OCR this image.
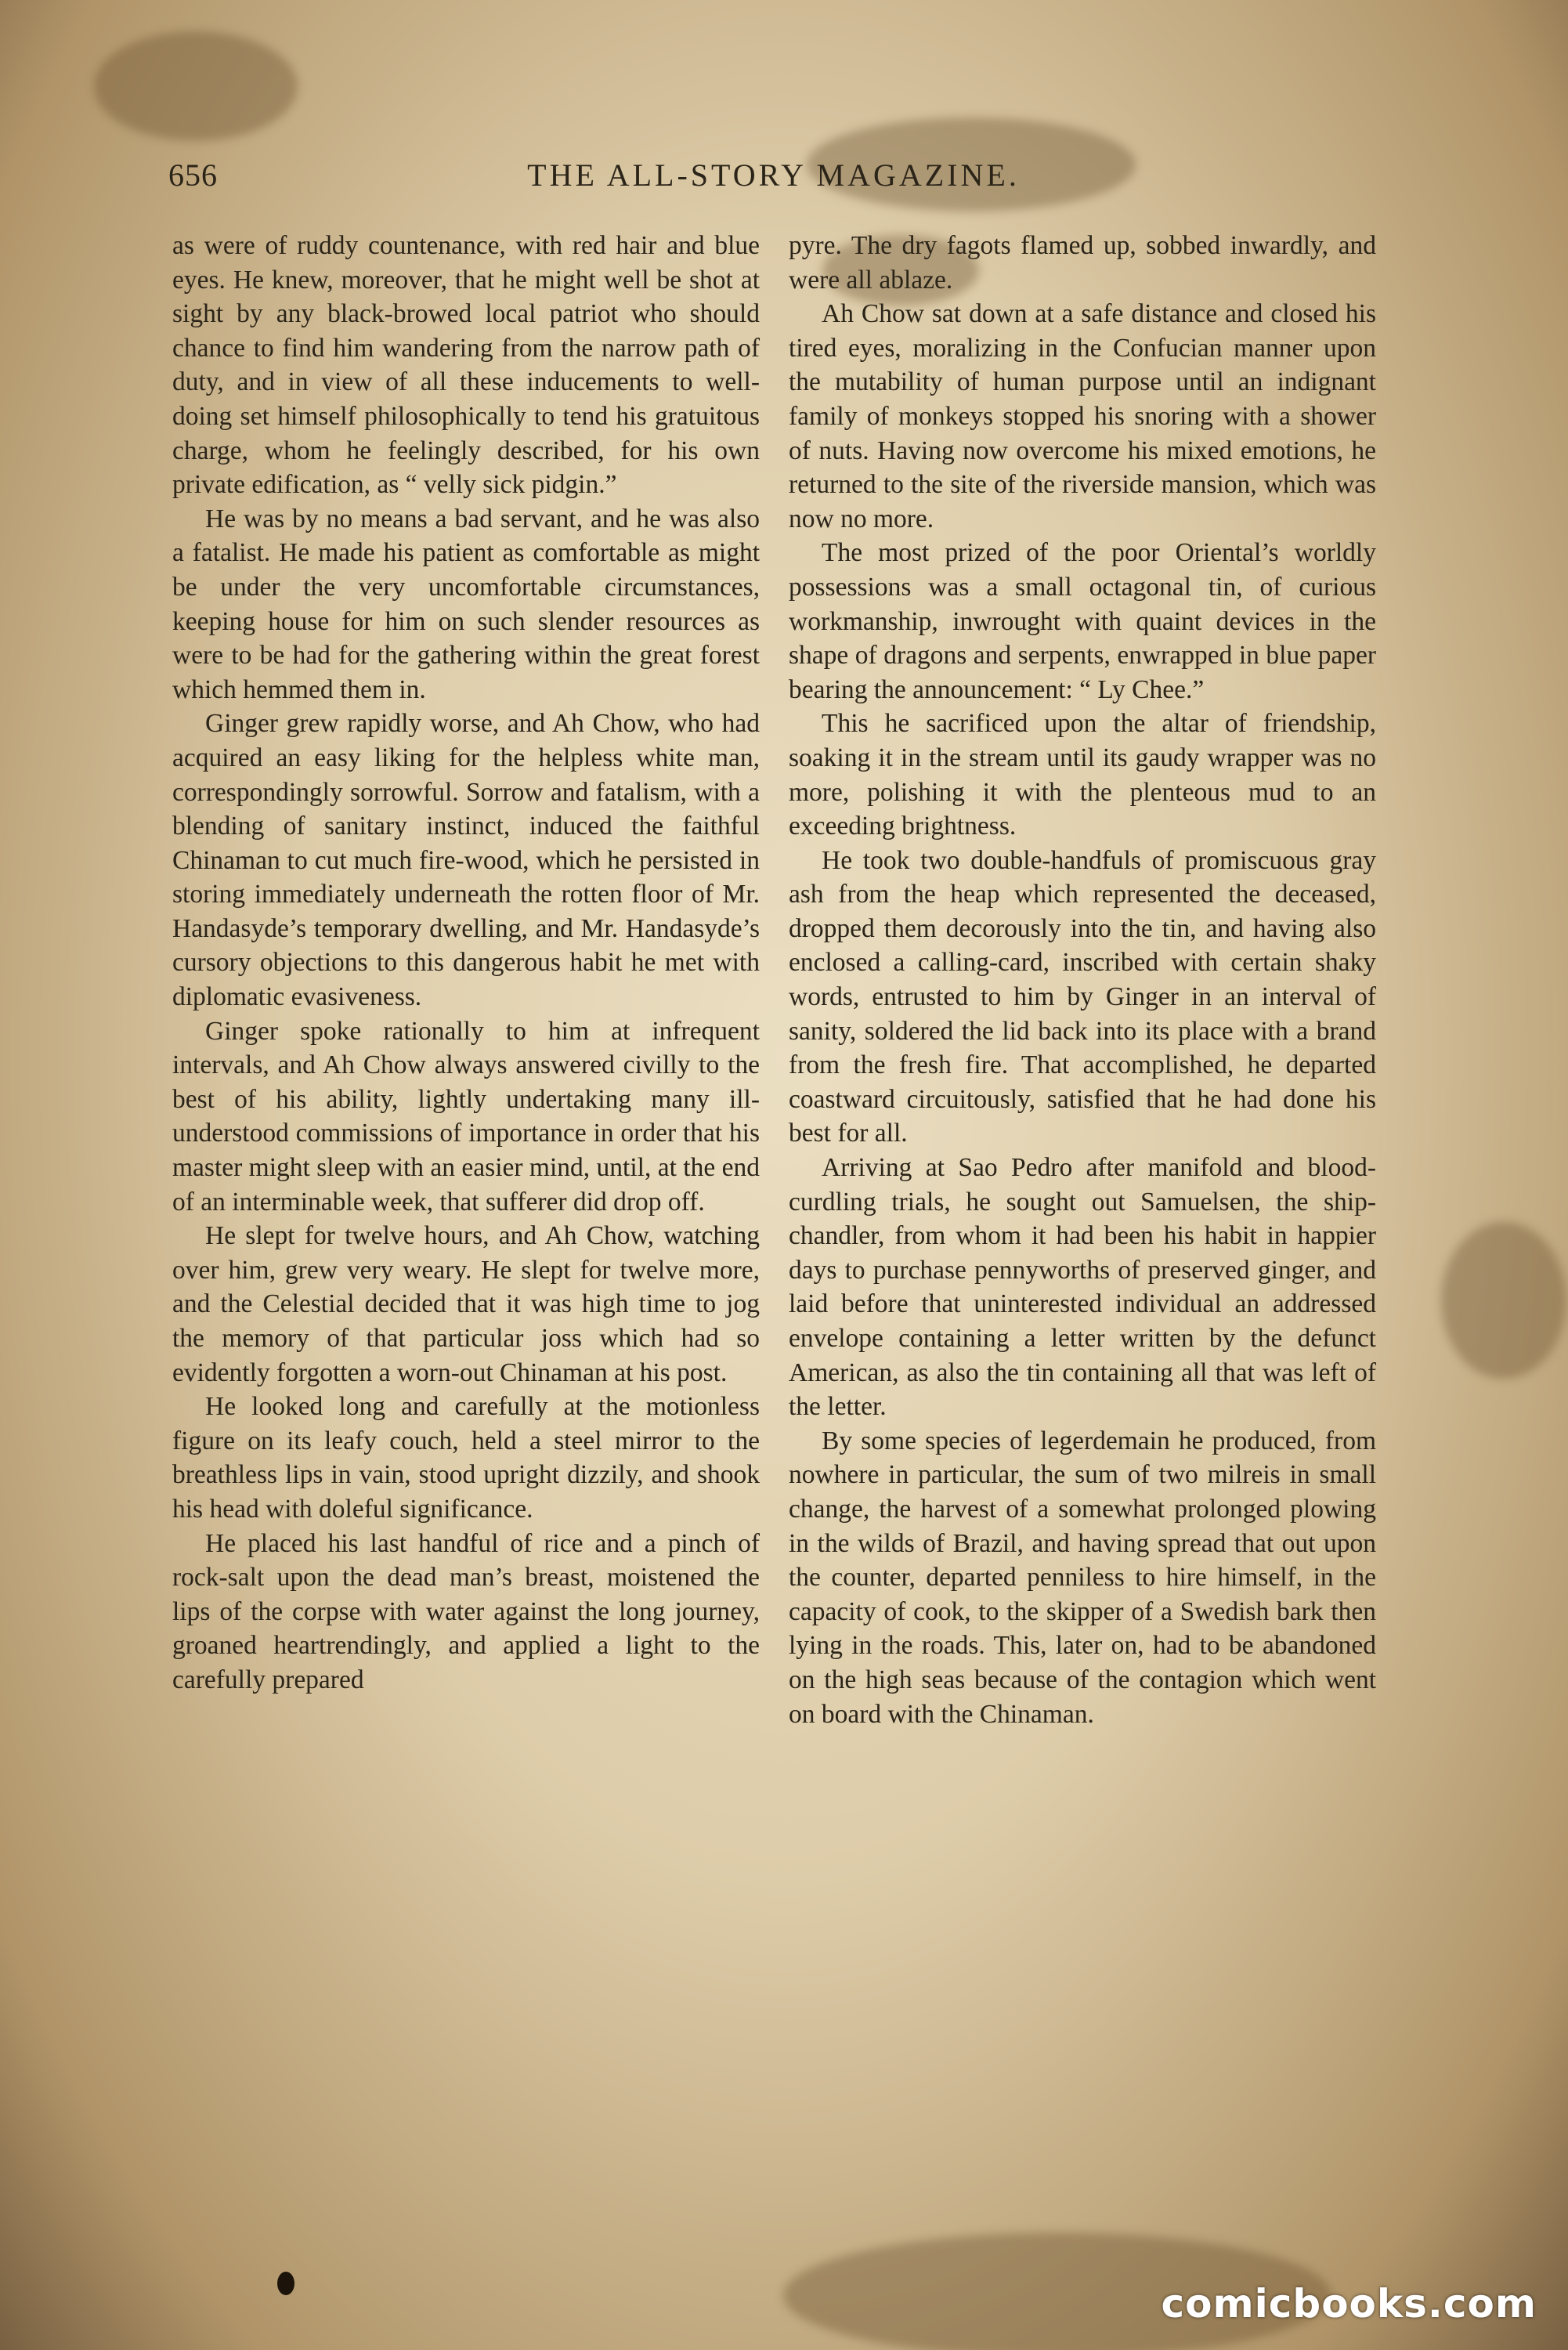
656	THE ALL-STORY MAGAZINE.

as were of ruddy countenance, with red hair and blue eyes. He knew, moreover, that he might well be shot at sight by any black-browed local patriot who should chance to find him wandering from the narrow path of duty, and in view of all these inducements to well-doing set himself philosophically to tend his gratuitous charge, whom he feelingly described, for his own private edification, as “ velly sick pidgin.”

He was by no means a bad servant, and he was also a fatalist. He made his patient as comfortable as might be under the very uncomfortable circumstances, keeping house for him on such slender resources as were to be had for the gathering within the great forest which hemmed them in.

Ginger grew rapidly worse, and Ah Chow, who had acquired an easy liking for the helpless white man, correspondingly sorrowful. Sorrow and fatalism, with a blending of sanitary instinct, induced the faithful Chinaman to cut much fire-wood, which he persisted in storing immediately underneath the rotten floor of Mr. Handasyde’s temporary dwelling, and Mr. Handasyde’s cursory objections to this dangerous habit he met with diplomatic evasiveness.

Ginger spoke rationally to him at infrequent intervals, and Ah Chow always answered civilly to the best of his ability, lightly undertaking many ill-understood commissions of importance in order that his master might sleep with an easier mind, until, at the end of an interminable week, that sufferer did drop off.

He slept for twelve hours, and Ah Chow, watching over him, grew very weary. He slept for twelve more, and the Celestial decided that it was high time to jog the memory of that particular joss which had so evidently forgotten a worn-out Chinaman at his post.

He looked long and carefully at the motionless figure on its leafy couch, held a steel mirror to the breathless lips in vain, stood upright dizzily, and shook his head with doleful significance.

He placed his last handful of rice and a pinch of rock-salt upon the dead man’s breast, moistened the lips of the corpse with water against the long journey, groaned heartrendingly, and applied a light to the carefully prepared

pyre. The dry fagots flamed up, sobbed inwardly, and were all ablaze.

Ah Chow sat down at a safe distance and closed his tired eyes, moralizing in the Confucian manner upon the mutability of human purpose until an indignant family of monkeys stopped his snoring with a shower of nuts. Having now overcome his mixed emotions, he returned to the site of the riverside mansion, which was now no more.

The most prized of the poor Oriental’s worldly possessions was a small octagonal tin, of curious workmanship, inwrought with quaint devices in the shape of dragons and serpents, enwrapped in blue paper bearing the announcement: “ Ly Chee.”

This he sacrificed upon the altar of friendship, soaking it in the stream until its gaudy wrapper was no more, polishing it with the plenteous mud to an exceeding brightness.

He took two double-handfuls of promiscuous gray ash from the heap which represented the deceased, dropped them decorously into the tin, and having also enclosed a calling-card, inscribed with certain shaky words, entrusted to him by Ginger in an interval of sanity, soldered the lid back into its place with a brand from the fresh fire. That accomplished, he departed coastward circuitously, satisfied that he had done his best for all.

Arriving at Sao Pedro after manifold and blood-curdling trials, he sought out Samuelsen, the ship-chandler, from whom it had been his habit in happier days to purchase pennyworths of preserved ginger, and laid before that uninterested individual an addressed envelope containing a letter written by the defunct American, as also the tin containing all that was left of the letter.

By some species of legerdemain he produced, from nowhere in particular, the sum of two milreis in small change, the harvest of a somewhat prolonged plowing in the wilds of Brazil, and having spread that out upon the counter, departed penniless to hire himself, in the capacity of cook, to the skipper of a Swedish bark then lying in the roads. This, later on, had to be abandoned on the high seas because of the contagion which went on board with the Chinaman.

comicbooks.com
